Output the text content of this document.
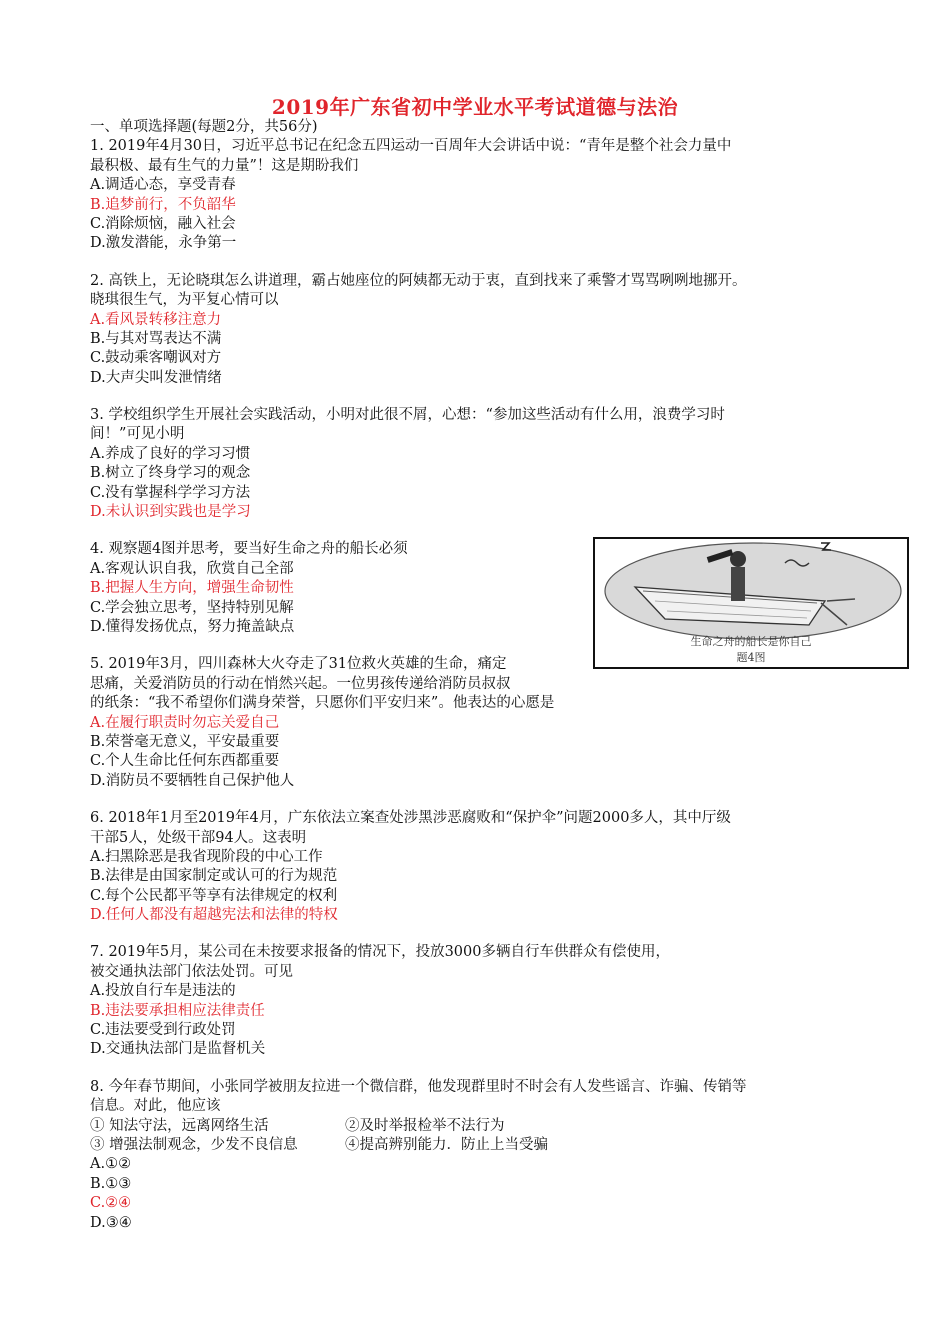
2019年广东省初中学业水平考试道德与法治
一、单项选择题(每题2分，共56分)
1. 2019年4月30日，习近平总书记在纪念五四运动一百周年大会讲话中说：“青年是整个社会力量中
最积极、最有生气的力量”！这是期盼我们
A.调适心态，享受青春
B.追梦前行，不负韶华
C.消除烦恼，融入社会
D.激发潜能，永争第一
2. 高铁上，无论晓琪怎么讲道理，霸占她座位的阿姨都无动于衷，直到找来了乘警才骂骂咧咧地挪开。
晓琪很生气，为平复心情可以
A.看风景转移注意力
B.与其对骂表达不满
C.鼓动乘客嘲讽对方
D.大声尖叫发泄情绪
3. 学校组织学生开展社会实践活动，小明对此很不屑，心想：“参加这些活动有什么用，浪费学习时
间！”可见小明
A.养成了良好的学习习惯
B.树立了终身学习的观念
C.没有掌握科学学习方法
D.未认识到实践也是学习
4. 观察题4图并思考，要当好生命之舟的船长必须
A.客观认识自我，欣赏自己全部
B.把握人生方向，增强生命韧性
C.学会独立思考，坚持特别见解
D.懂得发扬优点，努力掩盖缺点
生命之舟的船长是你自己
题4图
5. 2019年3月，四川森林大火夺走了31位救火英雄的生命，痛定
思痛，关爱消防员的行动在悄然兴起。一位男孩传递给消防员叔叔
的纸条：“我不希望你们满身荣誉，只愿你们平安归来”。他表达的心愿是
A.在履行职责时勿忘关爱自己
B.荣誉毫无意义，平安最重要
C.个人生命比任何东西都重要
D.消防员不要牺牲自己保护他人
6. 2018年1月至2019年4月，广东依法立案查处涉黑涉恶腐败和“保护伞”问题2000多人，其中厅级
干部5人，处级干部94人。这表明
A.扫黑除恶是我省现阶段的中心工作
B.法律是由国家制定或认可的行为规范
C.每个公民都平等享有法律规定的权利
D.任何人都没有超越宪法和法律的特权
7. 2019年5月，某公司在未按要求报备的情况下，投放3000多辆自行车供群众有偿使用，
被交通执法部门依法处罚。可见
A.投放自行车是违法的
B.违法要承担相应法律责任
C.违法要受到行政处罚
D.交通执法部门是监督机关
8. 今年春节期间，小张同学被朋友拉进一个微信群，他发现群里时不时会有人发些谣言、诈骗、传销等
信息。对此，他应该
① 知法守法，远离网络生活	②及时举报检举不法行为
③ 增强法制观念，少发不良信息	④提高辨别能力．防止上当受骗
A.①②
B.①③
C.②④
D.③④
